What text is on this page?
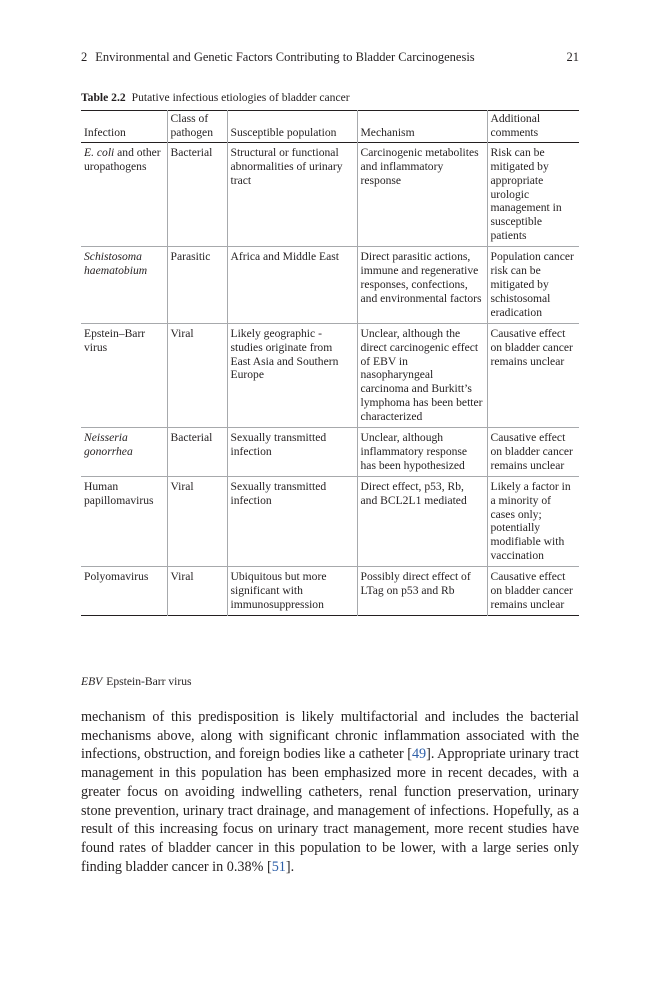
2 Environmental and Genetic Factors Contributing to Bladder Carcinogenesis	21
Table 2.2 Putative infectious etiologies of bladder cancer
Infection	Class of pathogen	Susceptible population	Mechanism	Additional comments
E. coli and other uropathogens	Bacterial	Structural or functional abnormalities of urinary tract	Carcinogenic metabolites and inflammatory response	Risk can be mitigated by appropriate urologic management in susceptible patients
Schistosoma haematobium	Parasitic	Africa and Middle East	Direct parasitic actions, immune and regenerative responses, confections, and environmental factors	Population cancer risk can be mitigated by schistosomal eradication
Epstein–Barr virus	Viral	Likely geographic - studies originate from East Asia and Southern Europe	Unclear, although the direct carcinogenic effect of EBV in nasopharyngeal carcinoma and Burkitt’s lymphoma has been better characterized	Causative effect on bladder cancer remains unclear
Neisseria gonorrhea	Bacterial	Sexually transmitted infection	Unclear, although inflammatory response has been hypothesized	Causative effect on bladder cancer remains unclear
Human papillomavirus	Viral	Sexually transmitted infection	Direct effect, p53, Rb, and BCL2L1 mediated	Likely a factor in a minority of cases only; potentially modifiable with vaccination
Polyomavirus	Viral	Ubiquitous but more significant with immunosuppression	Possibly direct effect of LTag on p53 and Rb	Causative effect on bladder cancer remains unclear
EBV Epstein-Barr virus

mechanism of this predisposition is likely multifactorial and includes the bacterial mechanisms above, along with significant chronic inflammation associated with the infections, obstruction, and foreign bodies like a catheter [49]. Appropriate urinary tract management in this population has been emphasized more in recent decades, with a greater focus on avoiding indwelling catheters, renal function preservation, urinary stone prevention, urinary tract drainage, and management of infections. Hopefully, as a result of this increasing focus on urinary tract management, more recent studies have found rates of bladder cancer in this population to be lower, with a large series only finding bladder cancer in 0.38% [51].
